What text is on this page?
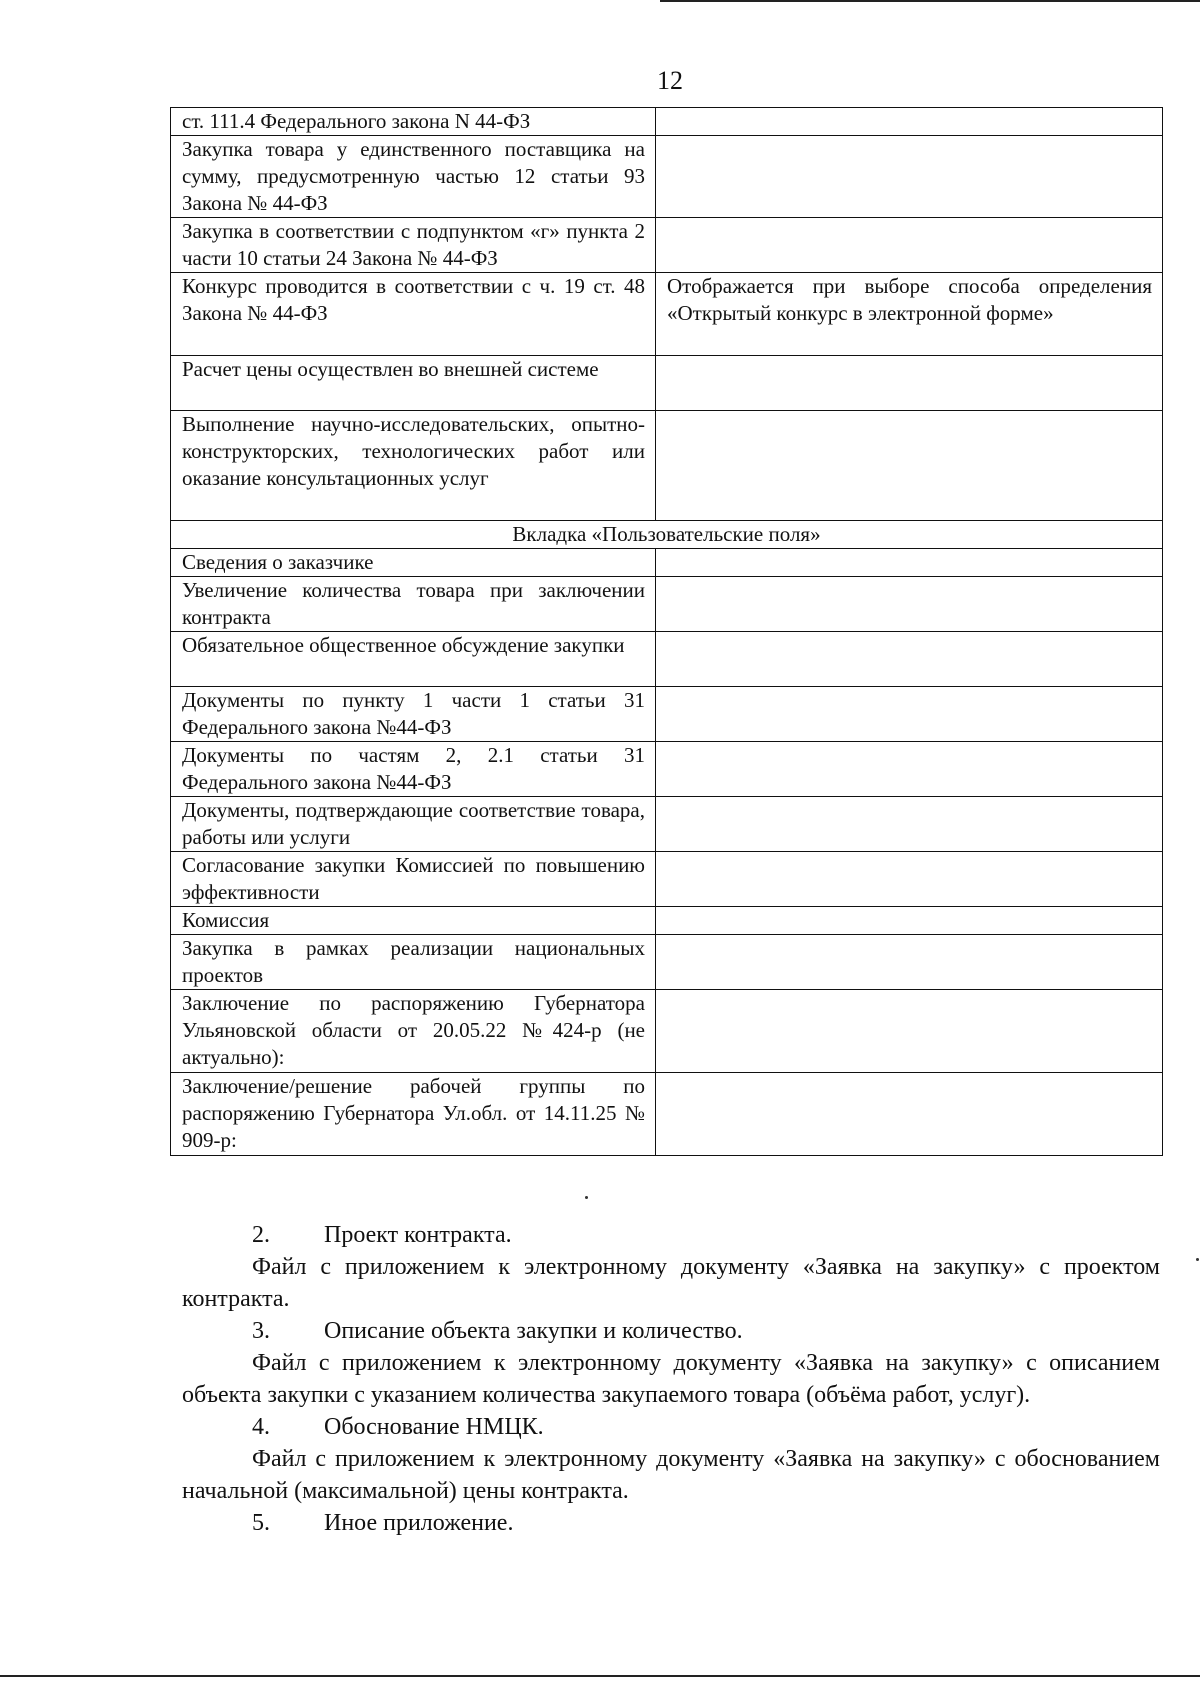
12
ст. 111.4 Федерального закона N 44-ФЗ	
Закупка товара у единственного поставщика на сумму, предусмотренную частью 12 статьи 93 Закона № 44-ФЗ	
Закупка в соответствии с подпунктом «г» пункта 2 части 10 статьи 24 Закона № 44-ФЗ	
Конкурс проводится в соответствии с ч. 19 ст. 48 Закона № 44-ФЗ	Отображается при выборе способа определения «Открытый конкурс в электронной форме»
Расчет цены осуществлен во внешней системе	
Выполнение научно-исследовательских, опытно-конструкторских, технологических работ или оказание консультационных услуг	
Вкладка «Пользовательские поля»	
Сведения о заказчике	
Увеличение количества товара при заключении контракта	
Обязательное общественное обсуждение закупки	
Документы по пункту 1 части 1 статьи 31 Федерального закона №44-ФЗ	
Документы по частям 2, 2.1 статьи 31 Федерального закона №44-ФЗ	
Документы, подтверждающие соответствие товара, работы или услуги	
Согласование закупки Комиссией по повышению эффективности	
Комиссия	
Закупка в рамках реализации национальных проектов	
Заключение по распоряжению Губернатора Ульяновской области от 20.05.22 №424-р (не актуально):	
Заключение/решение рабочей группы по распоряжению Губернатора Ул.обл. от 14.11.25 № 909-р:	

2. Проект контракта.

Файл с приложением к электронному документу «Заявка на закупку» с проектом контракта.

3. Описание объекта закупки и количество.

Файл с приложением к электронному документу «Заявка на закупку» с описанием объекта закупки с указанием количества закупаемого товара (объёма работ, услуг).

4. Обоснование НМЦК.

Файл с приложением к электронному документу «Заявка на закупку» с обоснованием начальной (максимальной) цены контракта.

5. Иное приложение.
